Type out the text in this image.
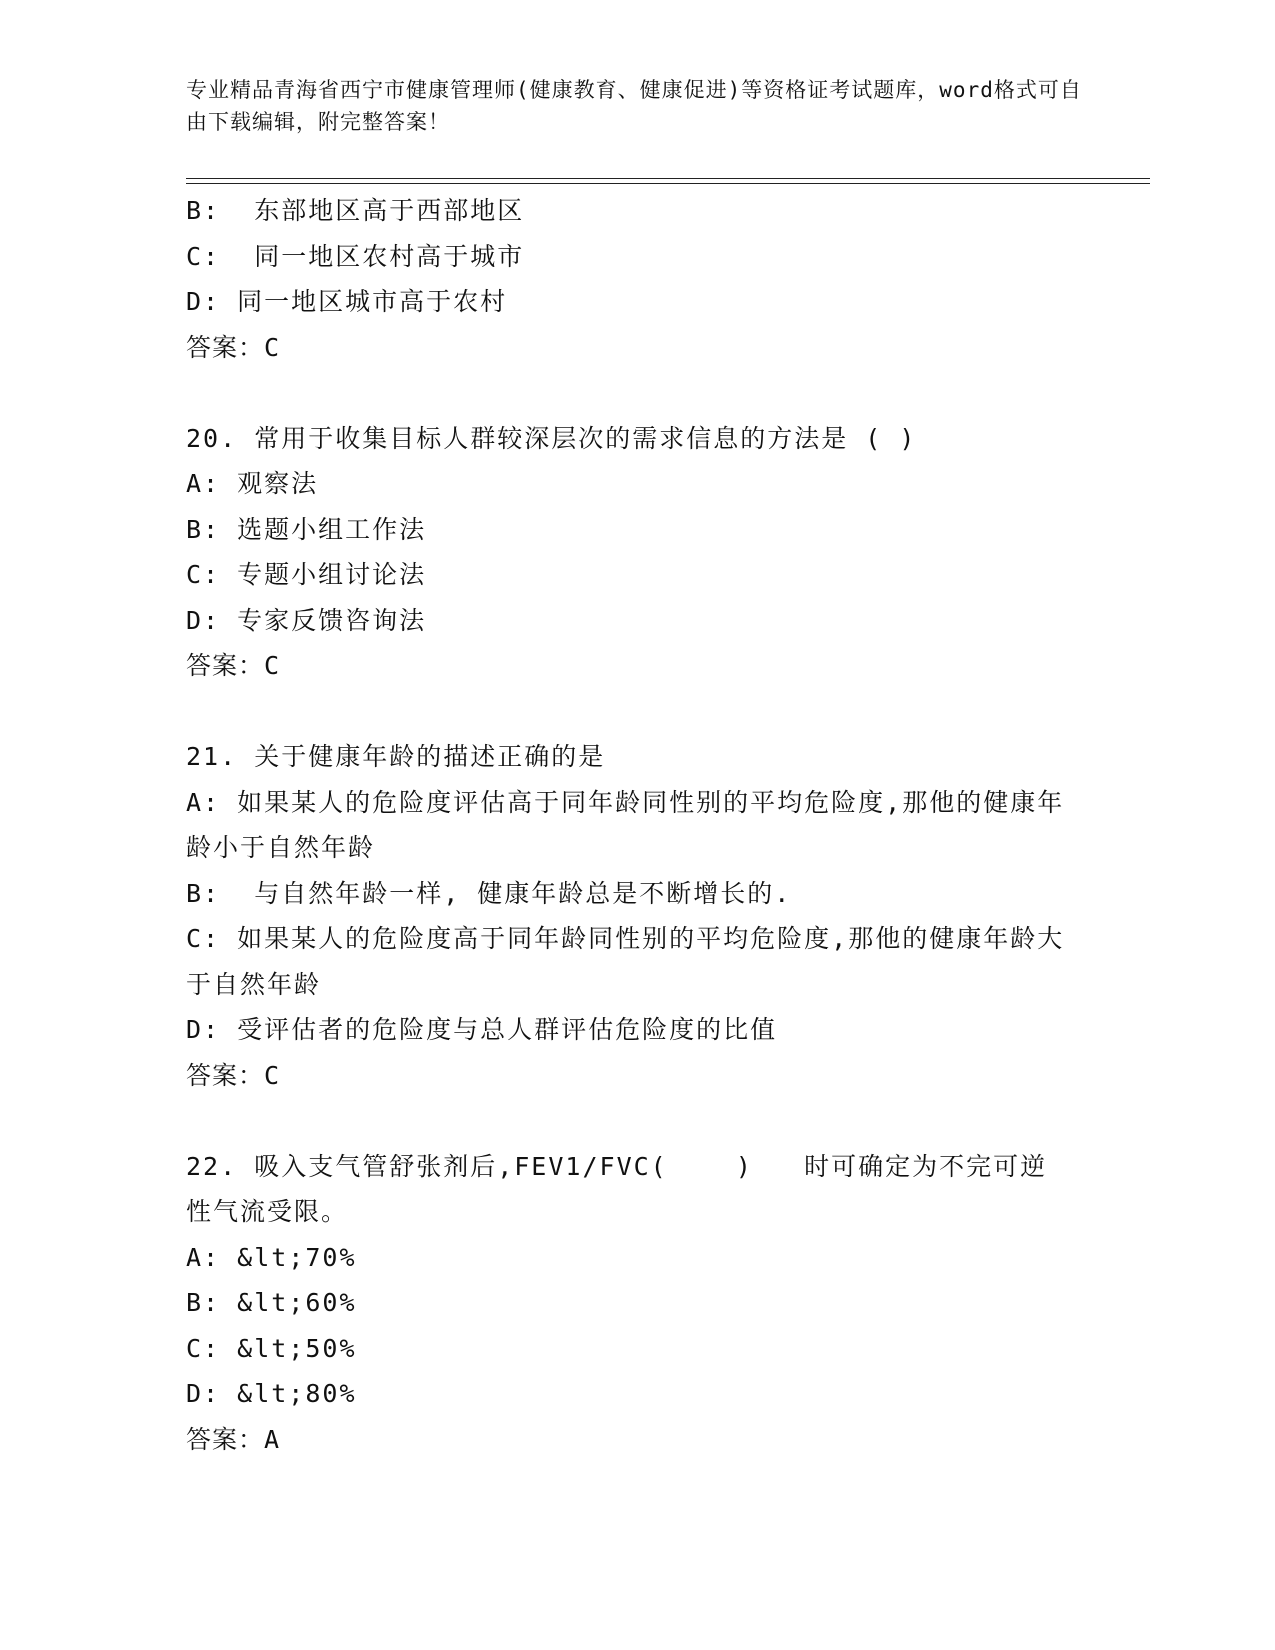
专业精品青海省西宁市健康管理师(健康教育、健康促进)等资格证考试题库，word格式可自由下载编辑，附完整答案！
B:  东部地区高于西部地区
C:  同一地区农村高于城市
D: 同一地区城市高于农村
答案：C
20. 常用于收集目标人群较深层次的需求信息的方法是 ( )
A: 观察法
B: 选题小组工作法
C: 专题小组讨论法
D: 专家反馈咨询法
答案：C
21. 关于健康年龄的描述正确的是
A: 如果某人的危险度评估高于同年龄同性别的平均危险度,那他的健康年龄小于自然年龄
B:  与自然年龄一样, 健康年龄总是不断增长的.
C: 如果某人的危险度高于同年龄同性别的平均危险度,那他的健康年龄大于自然年龄
D: 受评估者的危险度与总人群评估危险度的比值
答案：C
22. 吸入支气管舒张剂后,FEV1/FVC(    )   时可确定为不完可逆性气流受限。
A: &lt;70%
B: &lt;60%
C: &lt;50%
D: &lt;80%
答案：A
